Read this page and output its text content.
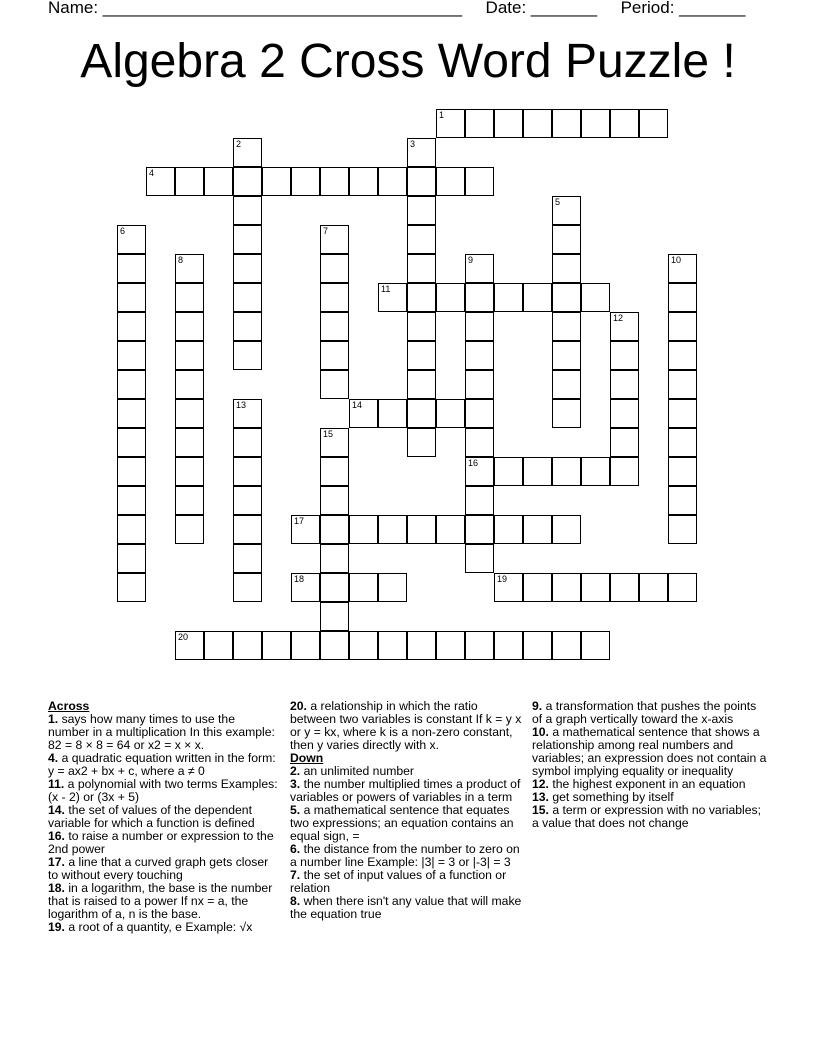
Name: ______________________________________ Date: _______ Period: _______
Algebra 2 Cross Word Puzzle !
1
2	3
4
5
6	7
8	9
16
10
11
12
13	14
15
17
18	19
20
Across
1. says how many times to use the number in a multiplication In this example: 82 = 8 × 8 = 64 or x2 = x × x.
4. a quadratic equation written in the form: y = ax2 + bx + c, where a ≠ 0
11. a polynomial with two terms Examples: (x - 2) or (3x + 5)
14. the set of values of the dependent variable for which a function is defined
16. to raise a number or expression to the 2nd power
17. a line that a curved graph gets closer to without every touching
18. in a logarithm, the base is the number that is raised to a power If nx = a, the logarithm of a, n is the base.
19. a root of a quantity, e Example: √x
20. a relationship in which the ratio between two variables is constant If k = y x or y = kx, where k is a non-zero constant, then y varies directly with x.
Down
2. an unlimited number
3. the number multiplied times a product of variables or powers of variables in a term
5. a mathematical sentence that equates two expressions; an equation contains an equal sign, =
6. the distance from the number to zero on a number line Example: |3| = 3 or |-3| = 3
7. the set of input values of a function or relation
8. when there isn't any value that will make the equation true
9. a transformation that pushes the points of a graph vertically toward the x-axis
10. a mathematical sentence that shows a relationship among real numbers and variables; an expression does not contain a symbol implying equality or inequality
12. the highest exponent in an equation
13. get something by itself
15. a term or expression with no variables; a value that does not change
